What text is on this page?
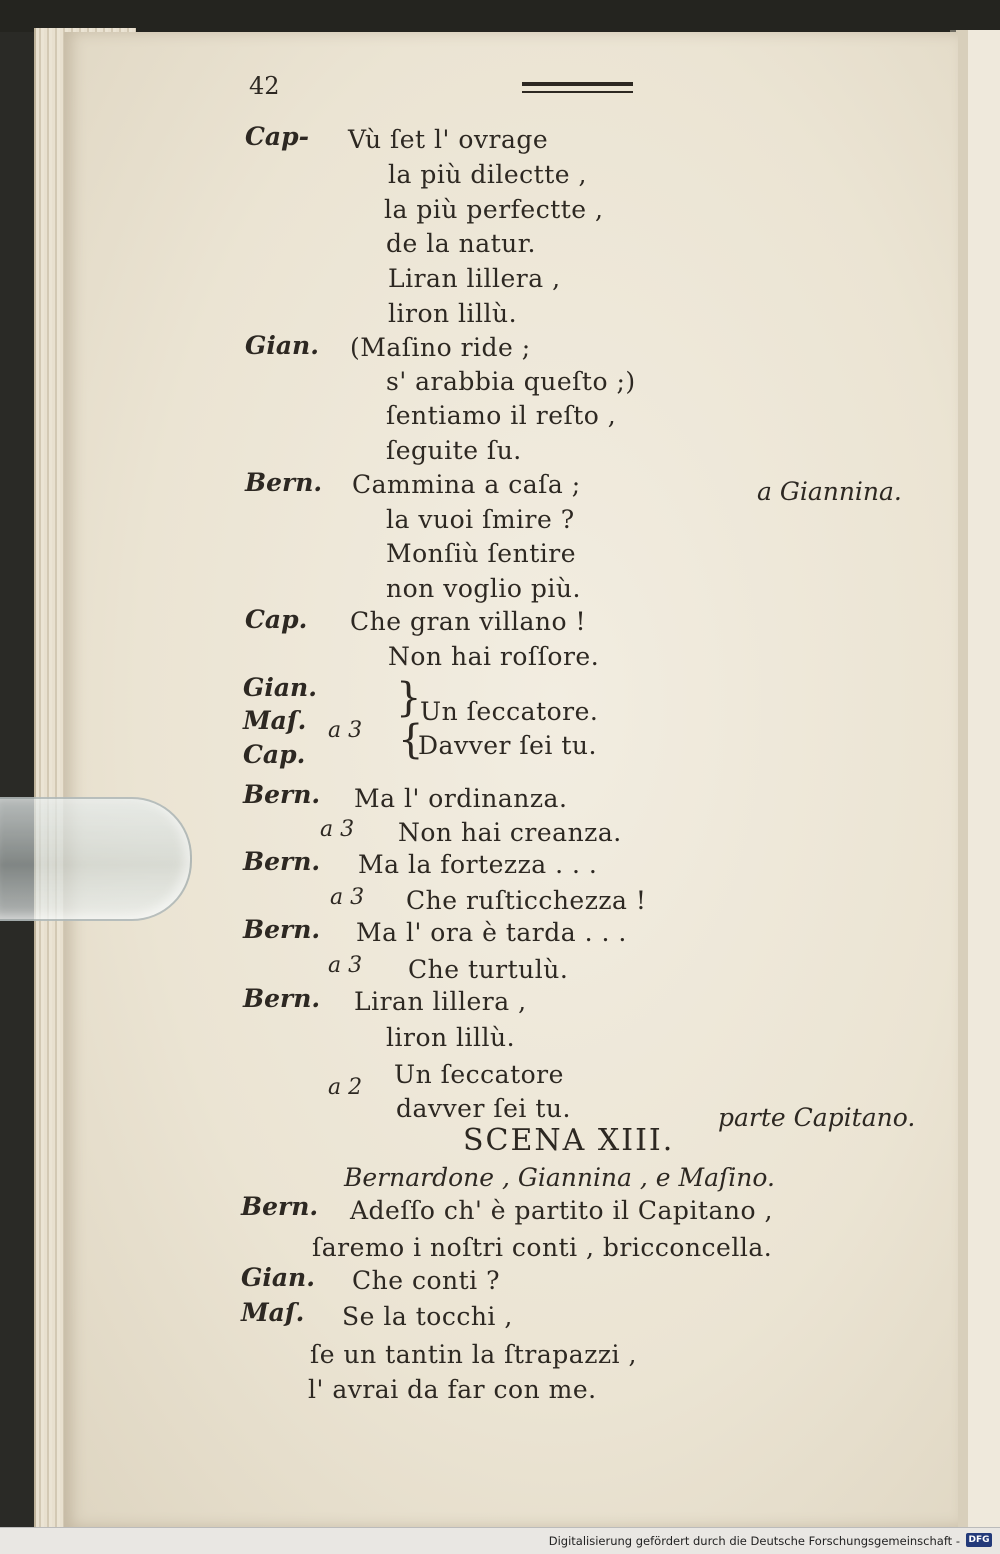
42
Cap- Vù ſet l' ovrage
la più dilectte ,
la più perfectte ,
de la natur.
Liran lillera ,
liron lillù.
Gian. (Maſino ride ;
s' arabbia queſto ;)
ſentiamo il reſto ,
ſeguite ſu.
Bern. Cammina a caſa ;	a Giannina.
la vuoi ſmire ?
Monſiù ſentire
non voglio più.
Cap. Che gran villano !
Non hai roſſore.
Gian.
Maſ.
Cap.
a 3
}
{
Un ſeccatore.
Davver ſei tu.
Bern. Ma l' ordinanza.
a 3 Non hai creanza.
Bern. Ma la fortezza . . .
a 3 Che ruſticchezza !
Bern. Ma l' ora è tarda . . .
a 3 Che turtulù.
Bern. Liran lillera ,
liron lillù.
a 2 Un ſeccatore
davver ſei tu.	parte Capitano.
SCENA XIII.
Bernardone , Giannina , e Maſino.
Bern. Adeſſo ch' è partito il Capitano ,
ſaremo i noſtri conti , bricconcella.
Gian. Che conti ?
Maſ. Se la tocchi ,
ſe un tantin la ſtrapazzi ,
l' avrai da far con me.
Digitalisierung gefördert durch die Deutsche Forschungsgemeinschaft - DFG
